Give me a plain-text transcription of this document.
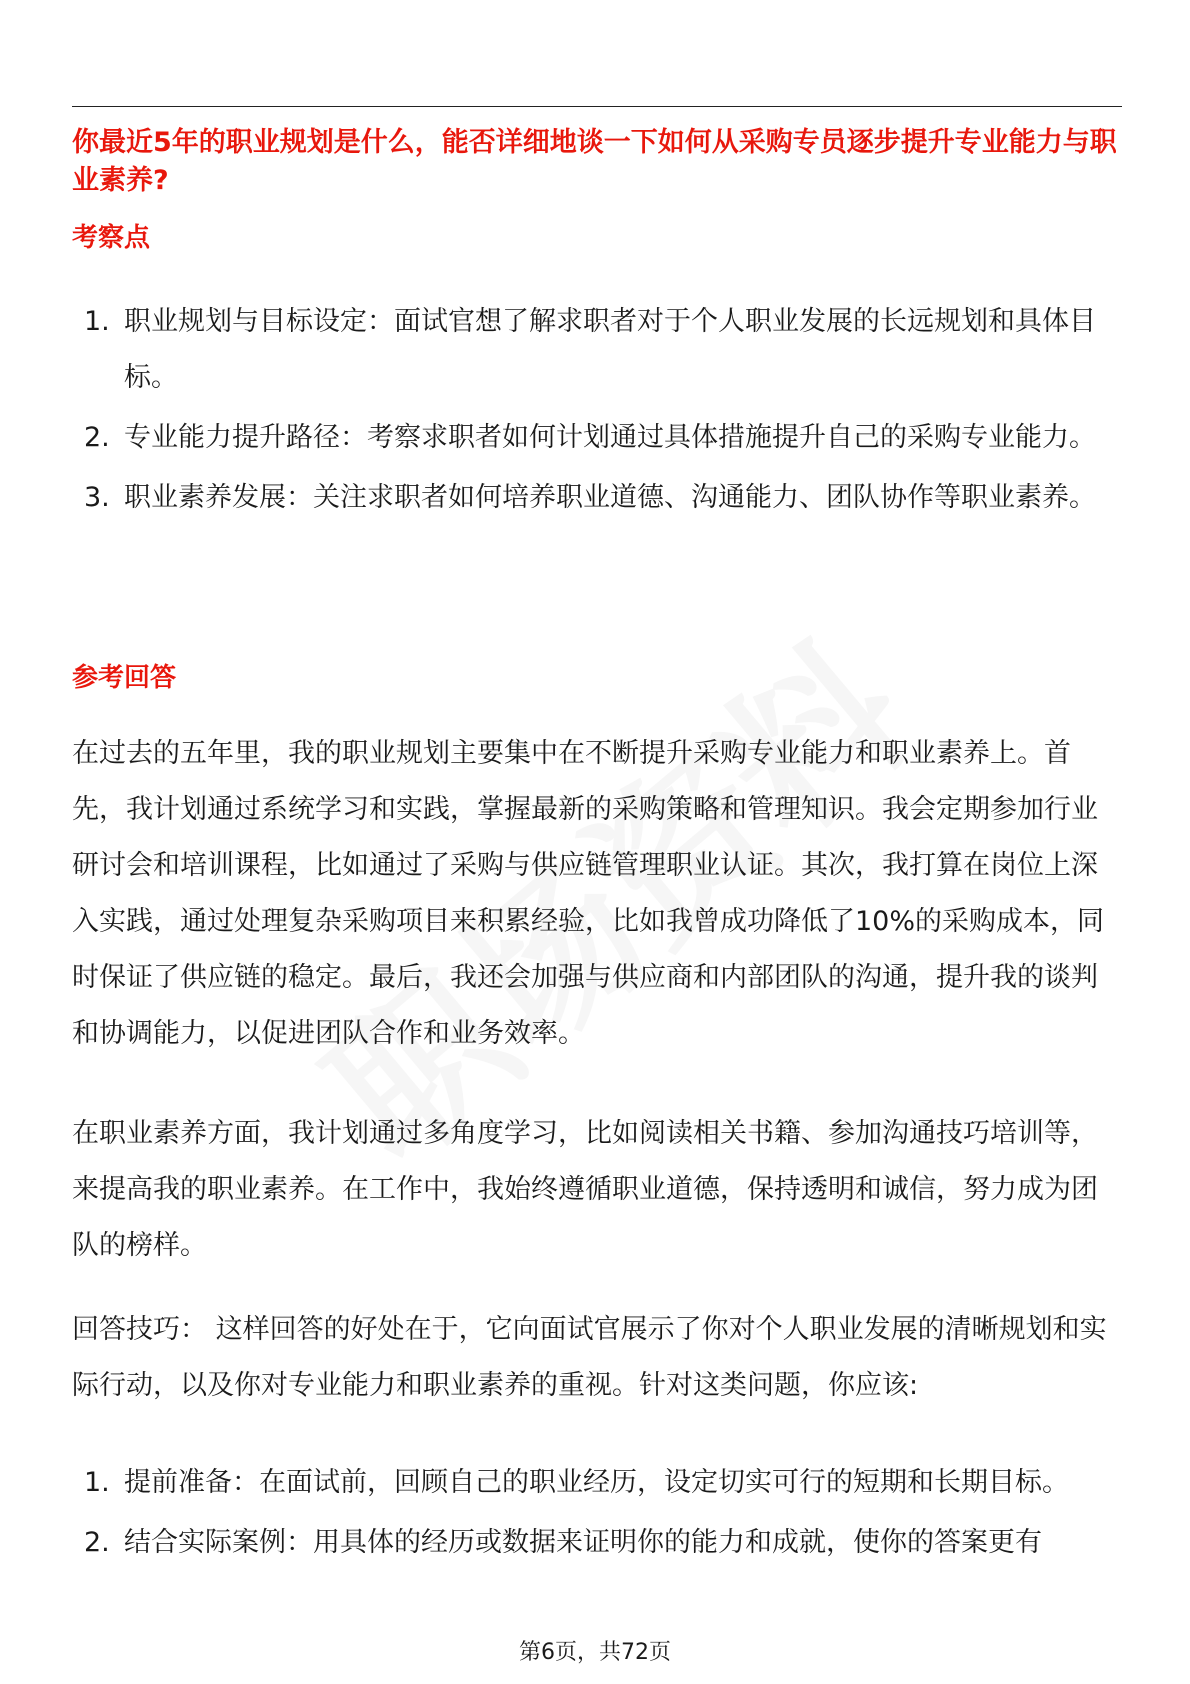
你最近5年的职业规划是什么，能否详细地谈一下如何从采购专员逐步提升专业能力与职业素养?
考察点
1. 职业规划与目标设定：面试官想了解求职者对于个人职业发展的长远规划和具体目标。
2. 专业能力提升路径：考察求职者如何计划通过具体措施提升自己的采购专业能力。
3. 职业素养发展：关注求职者如何培养职业道德、沟通能力、团队协作等职业素养。
参考回答

在过去的五年里，我的职业规划主要集中在不断提升采购专业能力和职业素养上。首先，我计划通过系统学习和实践，掌握最新的采购策略和管理知识。我会定期参加行业研讨会和培训课程，比如通过了采购与供应链管理职业认证。其次，我打算在岗位上深入实践，通过处理复杂采购项目来积累经验，比如我曾成功降低了10%的采购成本，同时保证了供应链的稳定。最后，我还会加强与供应商和内部团队的沟通，提升我的谈判和协调能力，以促进团队合作和业务效率。

在职业素养方面，我计划通过多角度学习，比如阅读相关书籍、参加沟通技巧培训等，来提高我的职业素养。在工作中，我始终遵循职业道德，保持透明和诚信，努力成为团队的榜样。

回答技巧： 这样回答的好处在于，它向面试官展示了你对个人职业发展的清晰规划和实际行动，以及你对专业能力和职业素养的重视。针对这类问题，你应该:

1. 提前准备：在面试前，回顾自己的职业经历，设定切实可行的短期和长期目标。
2. 结合实际案例：用具体的经历或数据来证明你的能力和成就，使你的答案更有
第6页，共72页
